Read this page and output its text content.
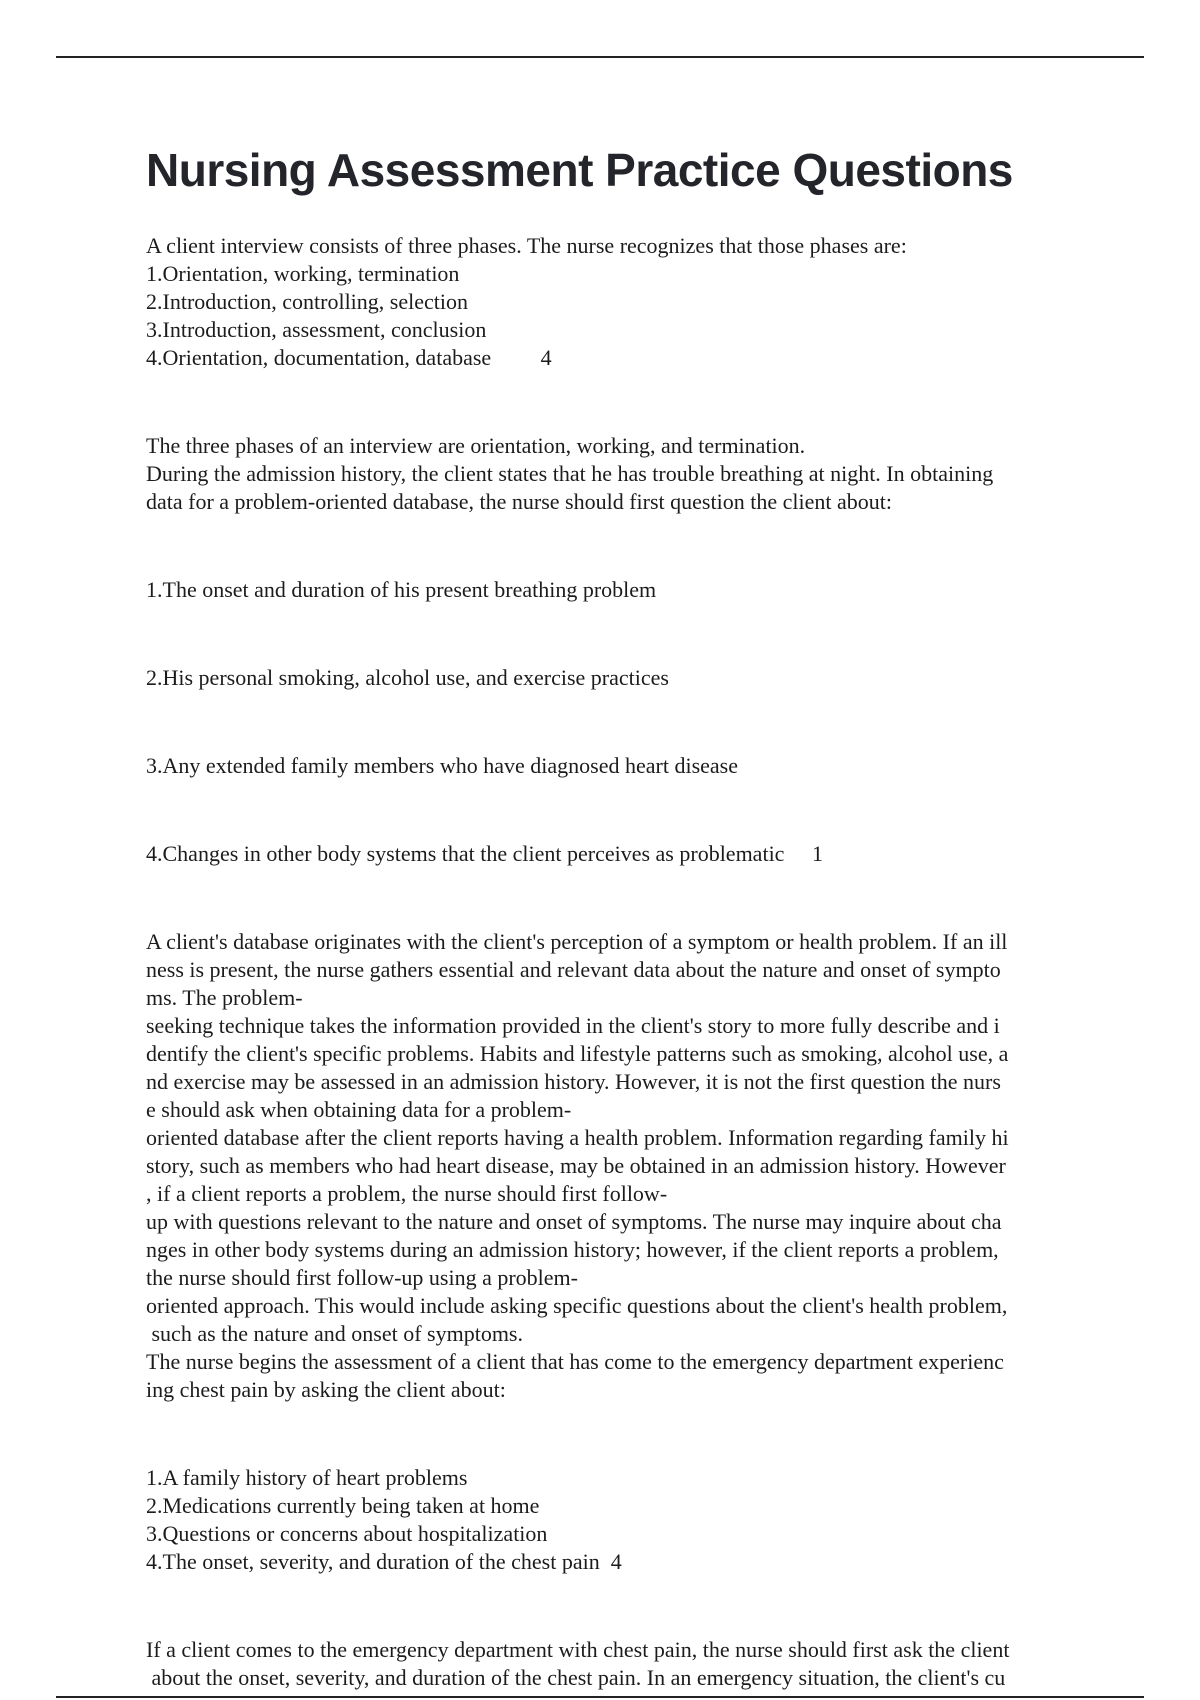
Nursing Assessment Practice Questions

A client interview consists of three phases. The nurse recognizes that those phases are:

1.Orientation, working, termination

2.Introduction, controlling, selection

3.Introduction, assessment, conclusion

4.Orientation, documentation, database         4

The three phases of an interview are orientation, working, and termination.

During the admission history, the client states that he has trouble breathing at night. In obtaining

data for a problem-oriented database, the nurse should first question the client about:

1.The onset and duration of his present breathing problem

2.His personal smoking, alcohol use, and exercise practices

3.Any extended family members who have diagnosed heart disease

4.Changes in other body systems that the client perceives as problematic     1

A client's database originates with the client's perception of a symptom or health problem. If an ill

ness is present, the nurse gathers essential and relevant data about the nature and onset of sympto

ms. The problem-

seeking technique takes the information provided in the client's story to more fully describe and i

dentify the client's specific problems. Habits and lifestyle patterns such as smoking, alcohol use, a

nd exercise may be assessed in an admission history. However, it is not the first question the nurs

e should ask when obtaining data for a problem-

oriented database after the client reports having a health problem. Information regarding family hi

story, such as members who had heart disease, may be obtained in an admission history. However

, if a client reports a problem, the nurse should first follow-

up with questions relevant to the nature and onset of symptoms. The nurse may inquire about cha

nges in other body systems during an admission history; however, if the client reports a problem,

the nurse should first follow-up using a problem-

oriented approach. This would include asking specific questions about the client's health problem,

such as the nature and onset of symptoms.

The nurse begins the assessment of a client that has come to the emergency department experienc

ing chest pain by asking the client about:

1.A family history of heart problems

2.Medications currently being taken at home

3.Questions or concerns about hospitalization

4.The onset, severity, and duration of the chest pain  4

If a client comes to the emergency department with chest pain, the nurse should first ask the client

about the onset, severity, and duration of the chest pain. In an emergency situation, the client's cu
